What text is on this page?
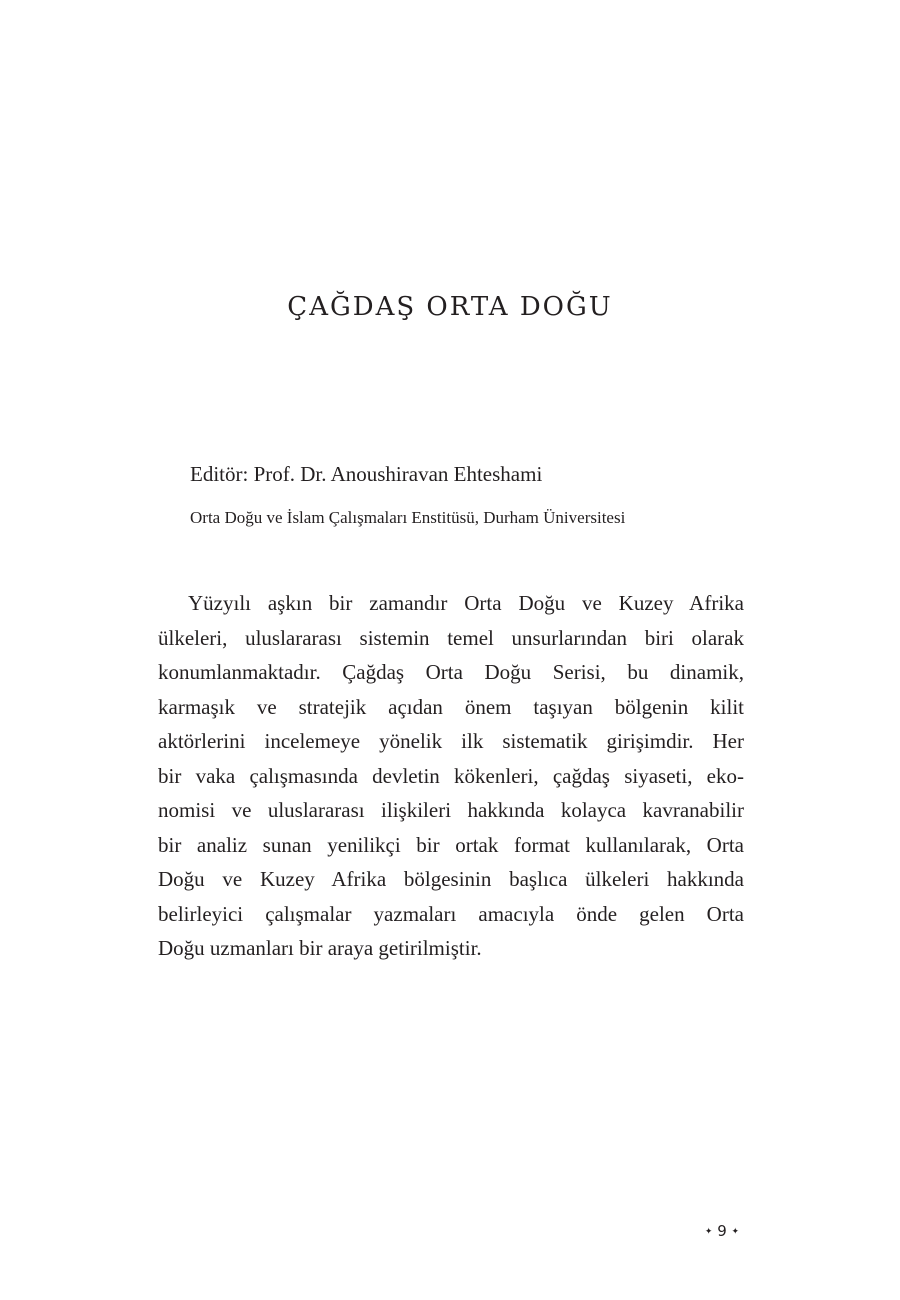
ÇAĞDAŞ ORTA DOĞU

Editör: Prof. Dr. Anoushiravan Ehteshami

Orta Doğu ve İslam Çalışmaları Enstitüsü, Durham Üniversitesi

Yüzyılı aşkın bir zamandır Orta Doğu ve Kuzey Afrika
ülkeleri, uluslararası sistemin temel unsurlarından biri olarak
konumlanmaktadır. Çağdaş Orta Doğu Serisi, bu dinamik,
karmaşık ve stratejik açıdan önem taşıyan bölgenin kilit
aktörlerini incelemeye yönelik ilk sistematik girişimdir. Her
bir vaka çalışmasında devletin kökenleri, çağdaş siyaseti, eko-
nomisi ve uluslararası ilişkileri hakkında kolayca kavranabilir
bir analiz sunan yenilikçi bir ortak format kullanılarak, Orta
Doğu ve Kuzey Afrika bölgesinin başlıca ülkeleri hakkında
belirleyici çalışmalar yazmaları amacıyla önde gelen Orta
Doğu uzmanları bir araya getirilmiştir.

✦ 9 ✦
